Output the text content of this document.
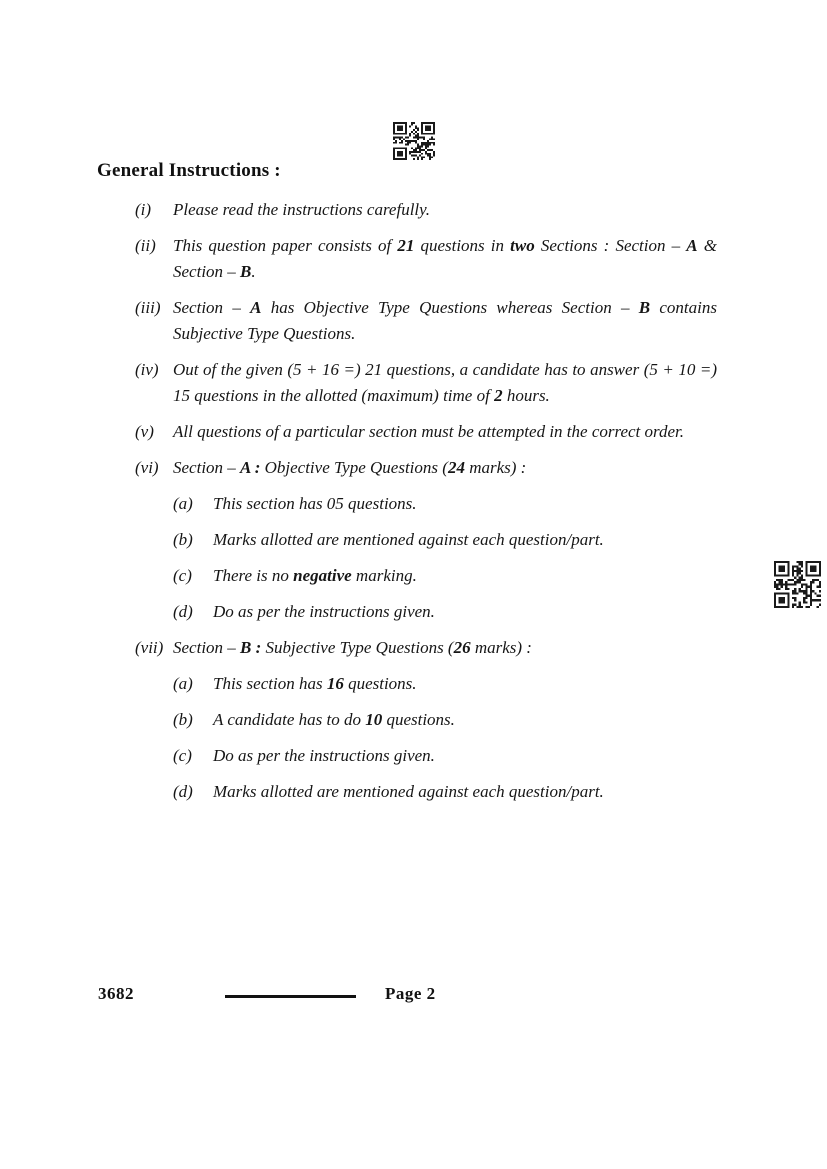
General Instructions :
(i)	Please read the instructions carefully.
(ii)	This question paper consists of 21 questions in two Sections : Section – A & Section – B.
(iii) Section – A has Objective Type Questions whereas Section – B contains Subjective Type Questions.
(iv) Out of the given (5 + 16 =) 21 questions, a candidate has to answer (5 + 10 =) 15 questions in the allotted (maximum) time of 2 hours.
(v)	All questions of a particular section must be attempted in the correct order.
(vi) Section – A : Objective Type Questions (24 marks) :
(a)	This section has 05 questions.
(b)	Marks allotted are mentioned against each question/part.
(c)	There is no negative marking.
(d)	Do as per the instructions given.
(vii) Section – B : Subjective Type Questions (26 marks) :
(a)	This section has 16 questions.
(b)	A candidate has to do 10 questions.
(c)	Do as per the instructions given.
(d)	Marks allotted are mentioned against each question/part.
3682	Page 2
